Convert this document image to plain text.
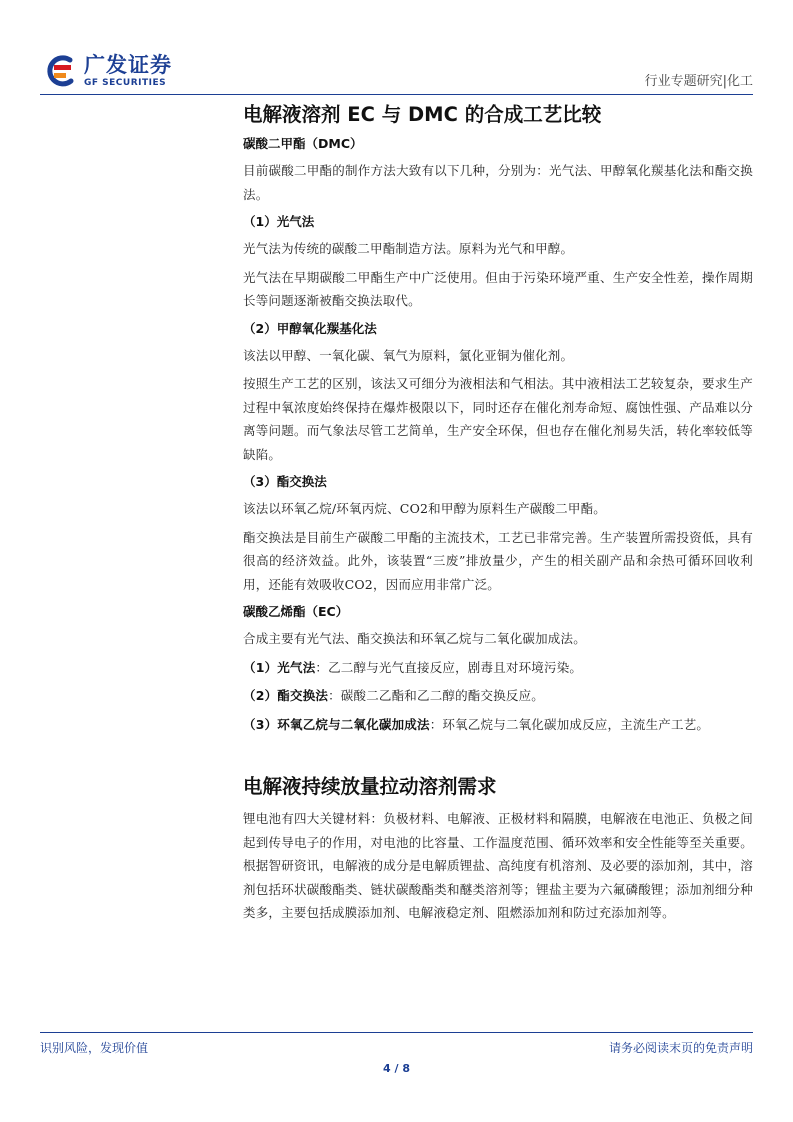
广发证券
GF SECURITIES	行业专题研究|化工
电解液溶剂 EC 与 DMC 的合成工艺比较

碳酸二甲酯（DMC）

目前碳酸二甲酯的制作方法大致有以下几种，分别为：光气法、甲醇氧化羰基化法和酯交换法。

（1）光气法

光气法为传统的碳酸二甲酯制造方法。原料为光气和甲醇。

光气法在早期碳酸二甲酯生产中广泛使用。但由于污染环境严重、生产安全性差，操作周期长等问题逐渐被酯交换法取代。

（2）甲醇氧化羰基化法

该法以甲醇、一氧化碳、氧气为原料，氯化亚铜为催化剂。

按照生产工艺的区别，该法又可细分为液相法和气相法。其中液相法工艺较复杂，要求生产过程中氧浓度始终保持在爆炸极限以下，同时还存在催化剂寿命短、腐蚀性强、产品难以分离等问题。而气象法尽管工艺简单，生产安全环保，但也存在催化剂易失活，转化率较低等缺陷。

（3）酯交换法

该法以环氧乙烷/环氧丙烷、CO2和甲醇为原料生产碳酸二甲酯。

酯交换法是目前生产碳酸二甲酯的主流技术，工艺已非常完善。生产装置所需投资低，具有很高的经济效益。此外，该装置“三废”排放量少，产生的相关副产品和余热可循环回收利用，还能有效吸收CO2，因而应用非常广泛。

碳酸乙烯酯（EC）

合成主要有光气法、酯交换法和环氧乙烷与二氧化碳加成法。

（1）光气法：乙二醇与光气直接反应，剧毒且对环境污染。

（2）酯交换法：碳酸二乙酯和乙二醇的酯交换反应。

（3）环氧乙烷与二氧化碳加成法：环氧乙烷与二氧化碳加成反应，主流生产工艺。

电解液持续放量拉动溶剂需求

锂电池有四大关键材料：负极材料、电解液、正极材料和隔膜，电解液在电池正、负极之间起到传导电子的作用，对电池的比容量、工作温度范围、循环效率和安全性能等至关重要。根据智研资讯，电解液的成分是电解质锂盐、高纯度有机溶剂、及必要的添加剂，其中，溶剂包括环状碳酸酯类、链状碳酸酯类和醚类溶剂等；锂盐主要为六氟磷酸锂；添加剂细分种类多，主要包括成膜添加剂、电解液稳定剂、阻燃添加剂和防过充添加剂等。

识别风险，发现价值	请务必阅读末页的免责声明
4 / 8
